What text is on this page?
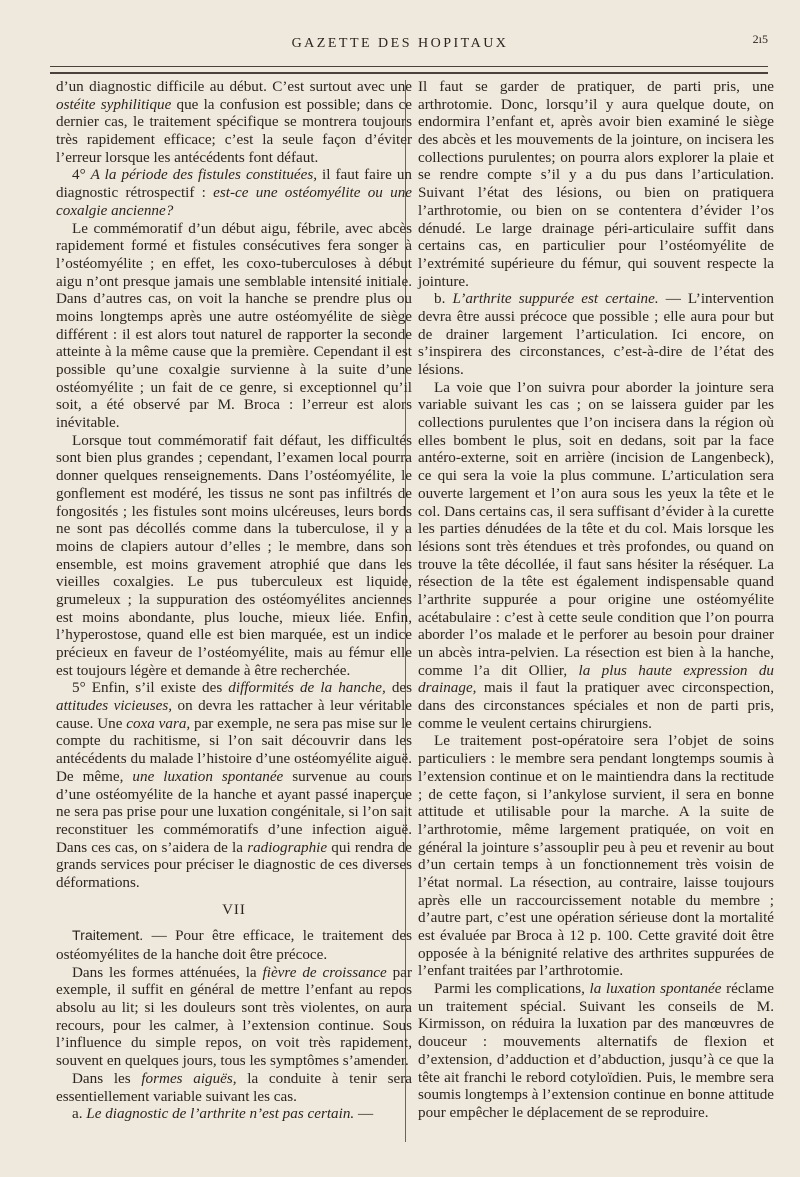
GAZETTE DES HOPITAUX	2ı5

d’un diagnostic difficile au début. C’est surtout avec une ostéite syphilitique que la confusion est possible; dans ce dernier cas, le traitement spécifique se montrera toujours très rapidement efficace; c’est la seule façon d’éviter l’erreur lorsque les antécédents font défaut.

4° A la période des fistules constituées, il faut faire un diagnostic rétrospectif : est-ce une ostéomyélite ou une coxalgie ancienne?

Le commémoratif d’un début aigu, fébrile, avec abcès rapidement formé et fistules consécutives fera songer à l’ostéomyélite ; en effet, les coxo-tuberculoses à début aigu n’ont presque jamais une semblable intensité initiale. Dans d’autres cas, on voit la hanche se prendre plus ou moins longtemps après une autre ostéomyélite de siège différent : il est alors tout naturel de rapporter la seconde atteinte à la même cause que la première. Cependant il est possible qu’une coxalgie survienne à la suite d’une ostéomyélite ; un fait de ce genre, si exceptionnel qu’il soit, a été observé par M. Broca : l’erreur est alors inévitable.

Lorsque tout commémoratif fait défaut, les difficultés sont bien plus grandes ; cependant, l’examen local pourra donner quelques renseignements. Dans l’ostéomyélite, le gonflement est modéré, les tissus ne sont pas infiltrés de fongosités ; les fistules sont moins ulcéreuses, leurs bords ne sont pas décollés comme dans la tuberculose, il y a moins de clapiers autour d’elles ; le membre, dans son ensemble, est moins gravement atrophié que dans les vieilles coxalgies. Le pus tuberculeux est liquide, grumeleux ; la suppuration des ostéomyélites anciennes est moins abondante, plus louche, mieux liée. Enfin, l’hyperostose, quand elle est bien marquée, est un indice précieux en faveur de l’ostéomyélite, mais au fémur elle est toujours légère et demande à être recherchée.

5° Enfin, s’il existe des difformités de la hanche, des attitudes vicieuses, on devra les rattacher à leur véritable cause. Une coxa vara, par exemple, ne sera pas mise sur le compte du rachitisme, si l’on sait découvrir dans les antécédents du malade l’histoire d’une ostéomyélite aiguë. De même, une luxation spontanée survenue au cours d’une ostéomyélite de la hanche et ayant passé inaperçue ne sera pas prise pour une luxation congénitale, si l’on sait reconstituer les commémoratifs d’une infection aiguë. Dans ces cas, on s’aidera de la radiographie qui rendra de grands services pour préciser le diagnostic de ces diverses déformations.

VII

Traitement. — Pour être efficace, le traitement des ostéomyélites de la hanche doit être précoce.

Dans les formes atténuées, la fièvre de croissance par exemple, il suffit en général de mettre l’enfant au repos absolu au lit; si les douleurs sont très violentes, on aura recours, pour les calmer, à l’extension continue. Sous l’influence du simple repos, on voit très rapidement, souvent en quelques jours, tous les symptômes s’amender.

Dans les formes aiguës, la conduite à tenir sera essentiellement variable suivant les cas.

a. Le diagnostic de l’arthrite n’est pas certain. —

Il faut se garder de pratiquer, de parti pris, une arthrotomie. Donc, lorsqu’il y aura quelque doute, on endormira l’enfant et, après avoir bien examiné le siège des abcès et les mouvements de la jointure, on incisera les collections purulentes; on pourra alors explorer la plaie et se rendre compte s’il y a du pus dans l’articulation. Suivant l’état des lésions, ou bien on pratiquera l’arthrotomie, ou bien on se contentera d’évider l’os dénudé. Le large drainage péri-articulaire suffit dans certains cas, en particulier pour l’ostéomyélite de l’extrémité supérieure du fémur, qui souvent respecte la jointure.

b. L’arthrite suppurée est certaine. — L’intervention devra être aussi précoce que possible ; elle aura pour but de drainer largement l’articulation. Ici encore, on s’inspirera des circonstances, c’est-à-dire de l’état des lésions.

La voie que l’on suivra pour aborder la jointure sera variable suivant les cas ; on se laissera guider par les collections purulentes que l’on incisera dans la région où elles bombent le plus, soit en dedans, soit par la face antéro-externe, soit en arrière (incision de Langenbeck), ce qui sera la voie la plus commune. L’articulation sera ouverte largement et l’on aura sous les yeux la tête et le col. Dans certains cas, il sera suffisant d’évider à la curette les parties dénudées de la tête et du col. Mais lorsque les lésions sont très étendues et très profondes, ou quand on trouve la tête décollée, il faut sans hésiter la réséquer. La résection de la tête est également indispensable quand l’arthrite suppurée a pour origine une ostéomyélite acétabulaire : c’est à cette seule condition que l’on pourra aborder l’os malade et le perforer au besoin pour drainer un abcès intra-pelvien. La résection est bien à la hanche, comme l’a dit Ollier, la plus haute expression du drainage, mais il faut la pratiquer avec circonspection, dans des circonstances spéciales et non de parti pris, comme le veulent certains chirurgiens.

Le traitement post-opératoire sera l’objet de soins particuliers : le membre sera pendant longtemps soumis à l’extension continue et on le maintiendra dans la rectitude ; de cette façon, si l’ankylose survient, il sera en bonne attitude et utilisable pour la marche. A la suite de l’arthrotomie, même largement pratiquée, on voit en général la jointure s’assouplir peu à peu et revenir au bout d’un certain temps à un fonctionnement très voisin de l’état normal. La résection, au contraire, laisse toujours après elle un raccourcissement notable du membre ; d’autre part, c’est une opération sérieuse dont la mortalité est évaluée par Broca à 12 p. 100. Cette gravité doit être opposée à la bénignité relative des arthrites suppurées de l’enfant traitées par l’arthrotomie.

Parmi les complications, la luxation spontanée réclame un traitement spécial. Suivant les conseils de M. Kirmisson, on réduira la luxation par des manœuvres de douceur : mouvements alternatifs de flexion et d’extension, d’adduction et d’abduction, jusqu’à ce que la tête ait franchi le rebord cotyloïdien. Puis, le membre sera soumis longtemps à l’extension continue en bonne attitude pour empêcher le déplacement de se reproduire.
